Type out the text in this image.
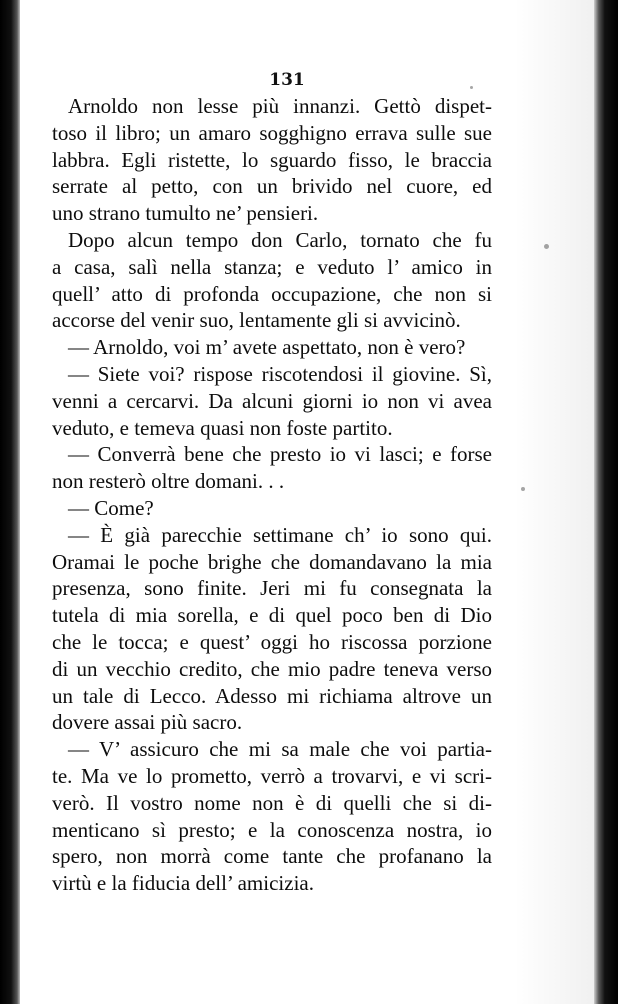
131
Arnoldo non lesse più innanzi. Gettò dispet-
toso il libro; un amaro sogghigno errava sulle sue
labbra. Egli ristette, lo sguardo fisso, le braccia
serrate al petto, con un brivido nel cuore, ed
uno strano tumulto ne’ pensieri.
Dopo alcun tempo don Carlo, tornato che fu
a casa, salì nella stanza; e veduto l’ amico in
quell’ atto di profonda occupazione, che non si
accorse del venir suo, lentamente gli si avvicinò.
— Arnoldo, voi m’ avete aspettato, non è vero?
— Siete voi? rispose riscotendosi il giovine. Sì,
venni a cercarvi. Da alcuni giorni io non vi avea
veduto, e temeva quasi non foste partito.
— Converrà bene che presto io vi lasci; e forse
non resterò oltre domani. . .
— Come?
— È già parecchie settimane ch’ io sono qui.
Oramai le poche brighe che domandavano la mia
presenza, sono finite. Jeri mi fu consegnata la
tutela di mia sorella, e di quel poco ben di Dio
che le tocca; e quest’ oggi ho riscossa porzione
di un vecchio credito, che mio padre teneva verso
un tale di Lecco. Adesso mi richiama altrove un
dovere assai più sacro.
— V’ assicuro che mi sa male che voi partia-
te. Ma ve lo prometto, verrò a trovarvi, e vi scri-
verò. Il vostro nome non è di quelli che si di-
menticano sì presto; e la conoscenza nostra, io
spero, non morrà come tante che profanano la
virtù e la fiducia dell’ amicizia.
